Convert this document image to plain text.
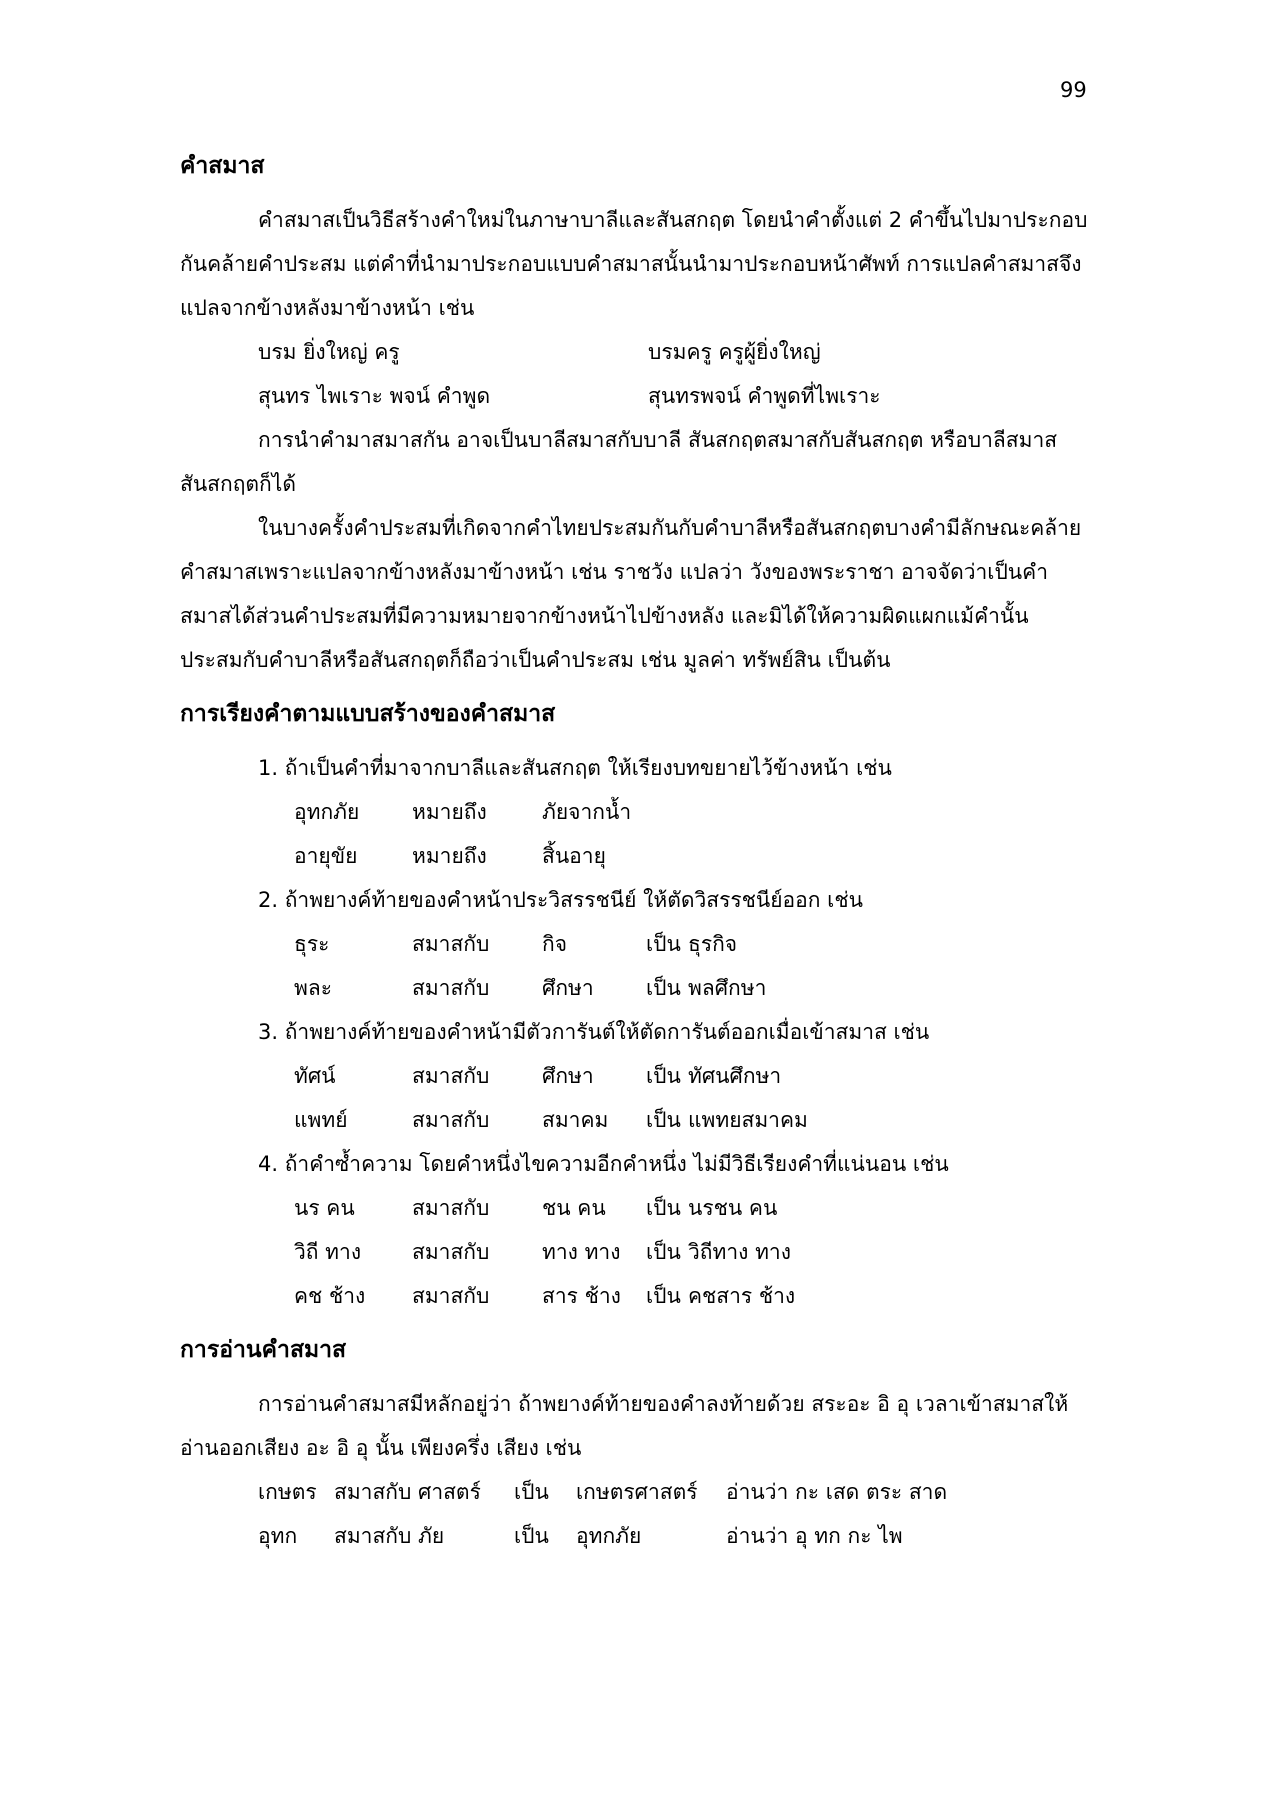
99
คำสมาส

คำสมาสเป็นวิธีสร้างคำใหม่ในภาษาบาลีและสันสกฤต โดยนำคำตั้งแต่ 2 คำขึ้นไปมาประกอบกันคล้ายคำประสม แต่คำที่นำมาประกอบแบบคำสมาสนั้นนำมาประกอบหน้าศัพท์ การแปลคำสมาสจึงแปลจากข้างหลังมาข้างหน้า เช่น

บรม ยิ่งใหญ่ ครู	บรมครู ครูผู้ยิ่งใหญ่
สุนทร ไพเราะ พจน์ คำพูด	สุนทรพจน์ คำพูดที่ไพเราะ

การนำคำมาสมาสกัน อาจเป็นบาลีสมาสกับบาลี สันสกฤตสมาสกับสันสกฤต หรือบาลีสมาสสันสกฤตก็ได้

ในบางครั้งคำประสมที่เกิดจากคำไทยประสมกันกับคำบาลีหรือสันสกฤตบางคำมีลักษณะคล้ายคำสมาสเพราะแปลจากข้างหลังมาข้างหน้า เช่น ราชวัง แปลว่า วังของพระราชา อาจจัดว่าเป็นคำสมาสได้ส่วนคำประสมที่มีความหมายจากข้างหน้าไปข้างหลัง และมิได้ให้ความผิดแผกแม้คำนั้นประสมกับคำบาลีหรือสันสกฤตก็ถือว่าเป็นคำประสม เช่น มูลค่า ทรัพย์สิน เป็นต้น

การเรียงคำตามแบบสร้างของคำสมาส
1. ถ้าเป็นคำที่มาจากบาลีและสันสกฤต ให้เรียงบทขยายไว้ข้างหน้า เช่น
อุทกภัย	หมายถึง	ภัยจากน้ำ
อายุขัย	หมายถึง	สิ้นอายุ
2. ถ้าพยางค์ท้ายของคำหน้าประวิสรรชนีย์ ให้ตัดวิสรรชนีย์ออก เช่น
ธุระ	สมาสกับ	กิจ	เป็น ธุรกิจ
พละ	สมาสกับ	ศึกษา	เป็น พลศึกษา
3. ถ้าพยางค์ท้ายของคำหน้ามีตัวการันต์ให้ตัดการันต์ออกเมื่อเข้าสมาส เช่น
ทัศน์	สมาสกับ	ศึกษา	เป็น ทัศนศึกษา
แพทย์	สมาสกับ	สมาคม	เป็น แพทยสมาคม
4. ถ้าคำซ้ำความ โดยคำหนึ่งไขความอีกคำหนึ่ง ไม่มีวิธีเรียงคำที่แน่นอน เช่น
นร คน	สมาสกับ	ชน คน	เป็น นรชน คน
วิถี ทาง	สมาสกับ	ทาง ทาง	เป็น วิถีทาง ทาง
คช ช้าง	สมาสกับ	สาร ช้าง	เป็น คชสาร ช้าง
การอ่านคำสมาส

การอ่านคำสมาสมีหลักอยู่ว่า ถ้าพยางค์ท้ายของคำลงท้ายด้วย สระอะ อิ อุ เวลาเข้าสมาสให้อ่านออกเสียง อะ อิ อุ นั้น เพียงครึ่ง เสียง เช่น

เกษตร สมาสกับ ศาสตร์	เป็น	เกษตรศาสตร์	อ่านว่า กะ เสด ตระ สาด
อุทก	สมาสกับ ภัย	เป็น	อุทกภัย	อ่านว่า อุ ทก กะ ไพ
